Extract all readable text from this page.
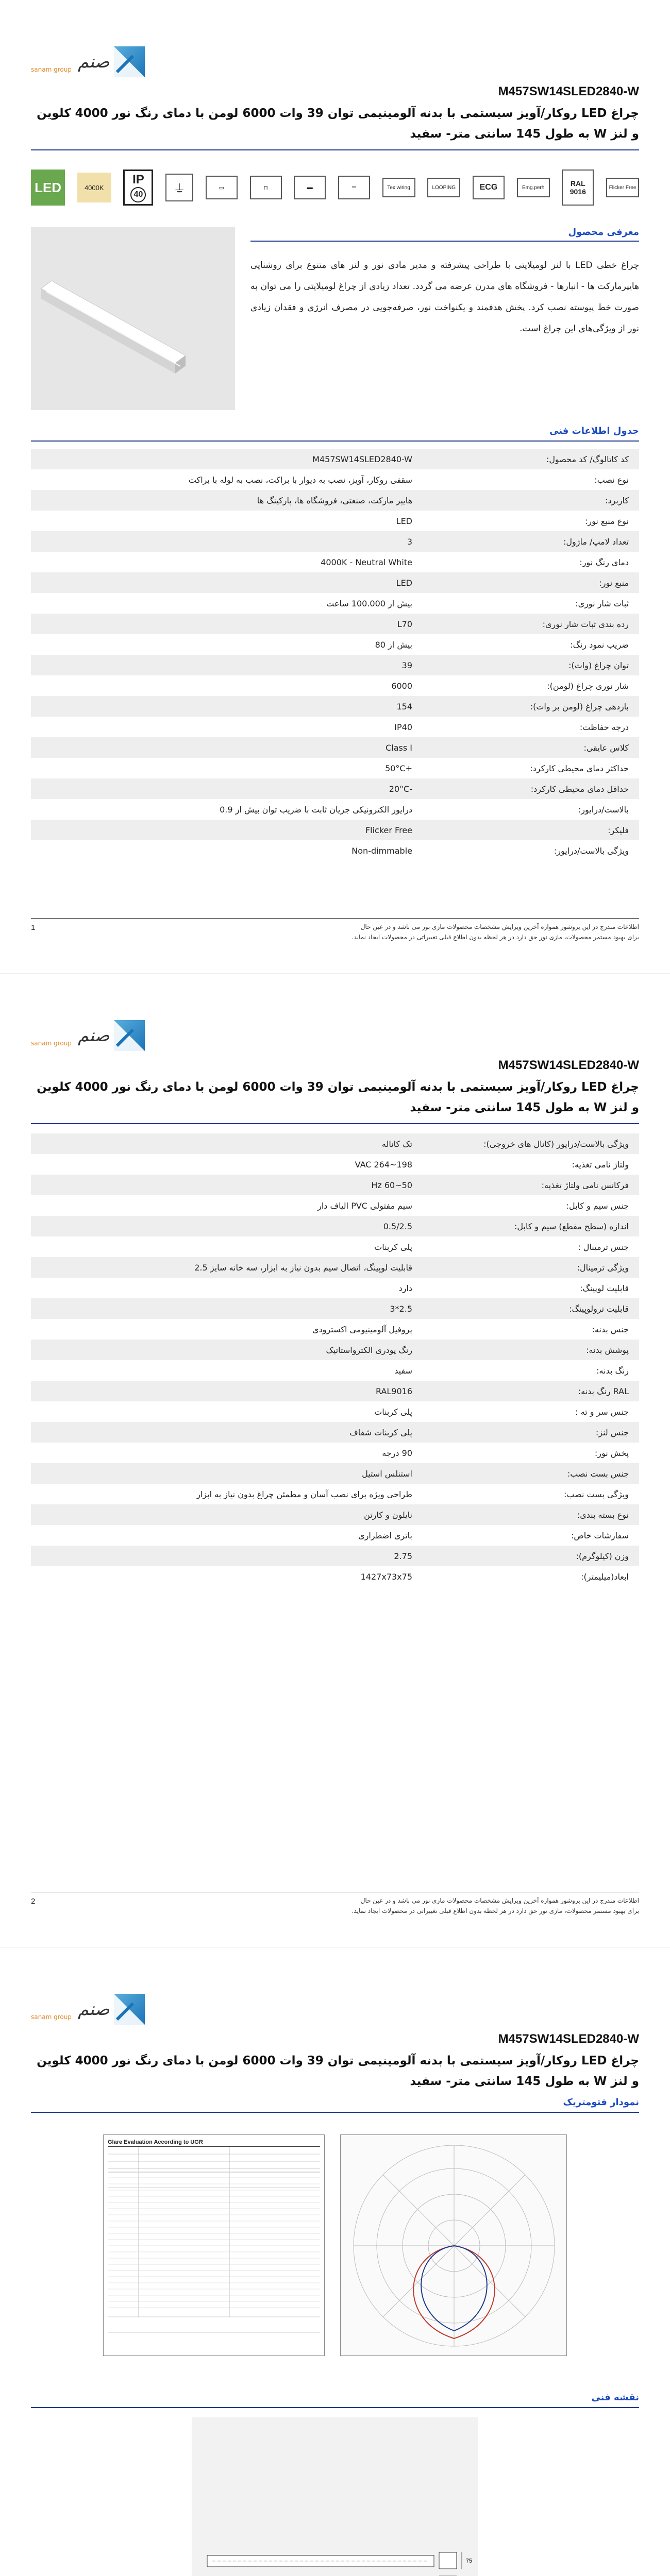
sanam group صنم
M457SW14SLED2840-W
چراغ LED روکار/آویز سیستمی با بدنه آلومینیمی توان 39 وات 6000 لومن با دمای رنگ نور 4000 کلوین و لنز W به طول 145 سانتی متر- سفید
LED	4000K
IP
40	⏚	▭	⊓	▬	═	Tex wiring	LOOPING	ECG	Emg.perh	RAL
9016	Flicker Free
معرفی محصول

چراغ خطی LED با لنز لومیلایتی با طراحی پیشرفته و مدیر مادی نور و لنز های متنوع برای روشنایی هایپرمارکت ها - انبارها - فروشگاه های مدرن عرضه می گردد. تعداد زیادی از چراغ لومیلایتی را می توان به صورت خط پیوسته نصب کرد. پخش هدفمند و یکنواخت نور، صرفه‌جویی در مصرف انرژی و فقدان زیادی نور از ویژگی‌های این چراغ است.

جدول اطلاعات فنی
کد کاتالوگ/ کد محصول:	M457SW14SLED2840-W
نوع نصب:	سقفی روکار، آویز، نصب به دیوار با براکت، نصب به لوله با براکت
کاربرد:	هایپر مارکت، صنعتی، فروشگاه ها، پارکینگ ها
نوع منبع نور:	LED
تعداد لامپ/ ماژول:	3
دمای رنگ نور:	4000K - Neutral White
منبع نور:	LED
ثبات شار نوری:	بیش از 100.000 ساعت
رده بندی ثبات شار نوری:	L70
ضریب نمود رنگ:	بیش از 80
توان چراغ (وات):	39
شار نوری چراغ (لومن):	6000
بازدهی چراغ (لومن بر وات):	154
درجه حفاظت:	IP40
کلاس عایقی:	Class I
حداکثر دمای محیطی کارکرد:	+50°C
حداقل دمای محیطی کارکرد:	-20°C
بالاست/درایور:	درایور الکترونیکی جریان ثابت با ضریب توان بیش از 0.9
فلیکر:	Flicker Free
ویژگی بالاست/درایور:	Non-dimmable
1	اطلاعات مندرج در این بروشور همواره آخرین ویرایش مشخصات محصولات مازی نور می باشد و در عین حال
برای بهبود مستمر محصولات، مازی نور حق دارد در هر لحظه بدون اطلاع قبلی تغییراتی در محصولات ایجاد نماید.
sanam group صنم
M457SW14SLED2840-W
چراغ LED روکار/آویز سیستمی با بدنه آلومینیمی توان 39 وات 6000 لومن با دمای رنگ نور 4000 کلوین و لنز W به طول 145 سانتی متر- سفید
ویژگی بالاست/درایور (کانال های خروجی):	تک کاناله
ولتاژ نامی تغذیه:	198~264 VAC
فرکانس نامی ولتاژ تغذیه:	50~60 Hz
جنس سیم و کابل:	سیم مفتولی PVC الیاف دار
اندازه (سطح مقطع) سیم و کابل:	0.5/2.5
جنس ترمینال :	پلی کربنات
ویژگی ترمینال:	قابلیت لوپینگ، اتصال سیم بدون نیاز به ابزار، سه خانه سایز 2.5
قابلیت لوپینگ:	دارد
قابلیت ترولوپینگ:	2.5*3
جنس بدنه:	پروفیل آلومینیومی اکسترودی
پوشش بدنه:	رنگ پودری الکترواستاتیک
رنگ بدنه:	سفید
RAL رنگ بدنه:	RAL9016
جنس سر و ته :	پلی کربنات
جنس لنز:	پلی کربنات شفاف
پخش نور:	90 درجه
جنس بست نصب:	استنلس استیل
ویژگی بست نصب:	طراحی ویژه برای نصب آسان و مطمئن چراغ بدون نیاز به ابزار
نوع بسته بندی:	نایلون و کارتن
سفارشات خاص:	باتری اضطراری
وزن (کیلوگرم):	2.75
ابعاد(میلیمتر):	1427x73x75
2	اطلاعات مندرج در این بروشور همواره آخرین ویرایش مشخصات محصولات مازی نور می باشد و در عین حال
برای بهبود مستمر محصولات، مازی نور حق دارد در هر لحظه بدون اطلاع قبلی تغییراتی در محصولات ایجاد نماید.
sanam group صنم
M457SW14SLED2840-W
چراغ LED روکار/آویز سیستمی با بدنه آلومینیمی توان 39 وات 6000 لومن با دمای رنگ نور 4000 کلوین و لنز W به طول 145 سانتی متر- سفید
نمودار فتومتریک
Glare Evaluation According to UGR
نقشه فنی
75
